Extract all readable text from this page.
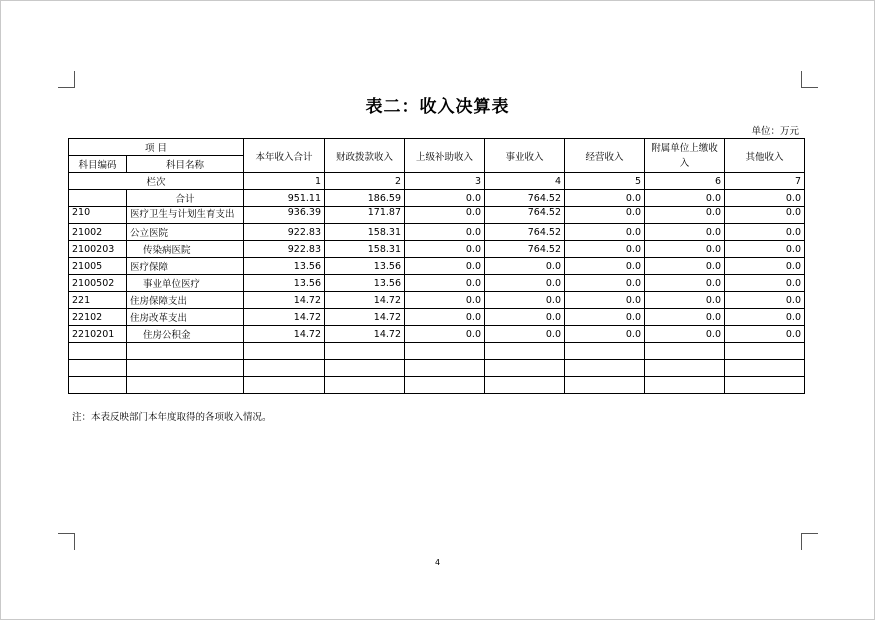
表二：收入决算表
单位：万元
项 目		本年收入合计	财政拨款收入	上级补助收入	事业收入	经营收入	附属单位上缴收入	其他收入
科目编码	科目名称							
栏次		1	2	3	4	5	6	7
	合计	951.11	186.59	0.0	764.52	0.0	0.0	0.0
210	医疗卫生与计划生育支出	936.39	171.87	0.0	764.52	0.0	0.0	0.0
21002	公立医院	922.83	158.31	0.0	764.52	0.0	0.0	0.0
2100203	传染病医院	922.83	158.31	0.0	764.52	0.0	0.0	0.0
21005	医疗保障	13.56	13.56	0.0	0.0	0.0	0.0	0.0
2100502	事业单位医疗	13.56	13.56	0.0	0.0	0.0	0.0	0.0
221	住房保障支出	14.72	14.72	0.0	0.0	0.0	0.0	0.0
22102	住房改革支出	14.72	14.72	0.0	0.0	0.0	0.0	0.0
2210201	住房公积金	14.72	14.72	0.0	0.0	0.0	0.0	0.0

注：本表反映部门本年度取得的各项收入情况。
4
